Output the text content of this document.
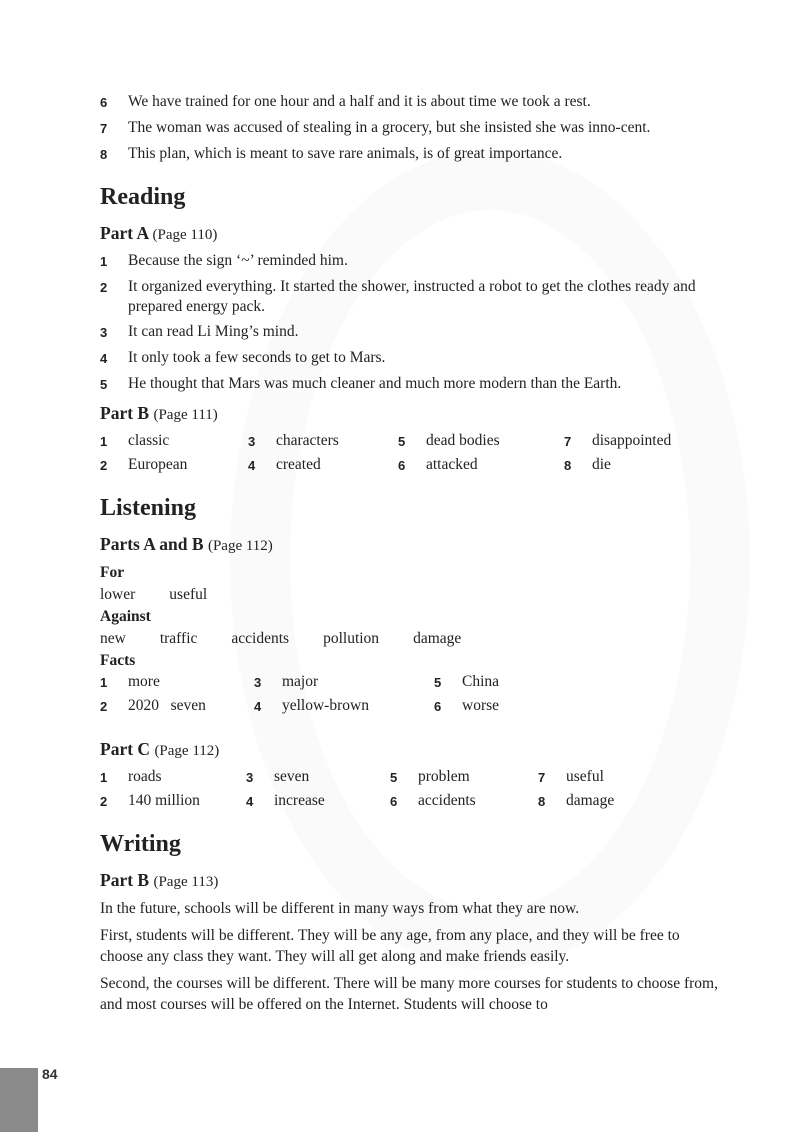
6	We have trained for one hour and a half and it is about time we took a rest.
7	The woman was accused of stealing in a grocery, but she insisted she was inno-cent.
8	This plan, which is meant to save rare animals, is of great importance.
Reading
Part A (Page 110)
1	Because the sign ‘~’ reminded him.
2	It organized everything. It started the shower, instructed a robot to get the clothes ready and prepared energy pack.
3	It can read Li Ming’s mind.
4	It only took a few seconds to get to Mars.
5	He thought that Mars was much cleaner and much more modern than the Earth.
Part B (Page 111)
1	classic	3	characters	5	dead bodies	7	disappointed
2	European	4	created	6	attacked	8	die
Listening
Parts A and B (Page 112)

For

lower useful

Against

new traffic accidents pollution damage

Facts

1	more	3	major	5	China
2	2020   seven	4	yellow-brown	6	worse
Part C (Page 112)
1	roads	3	seven	5	problem	7	useful
2	140 million	4	increase	6	accidents	8	damage
Writing
Part B (Page 113)

In the future, schools will be different in many ways from what they are now.

First, students will be different. They will be any age, from any place, and they will be free to choose any class they want. They will all get along and make friends easily.

Second, the courses will be different. There will be many more courses for students to choose from, and most courses will be offered on the Internet. Students will choose to

84
